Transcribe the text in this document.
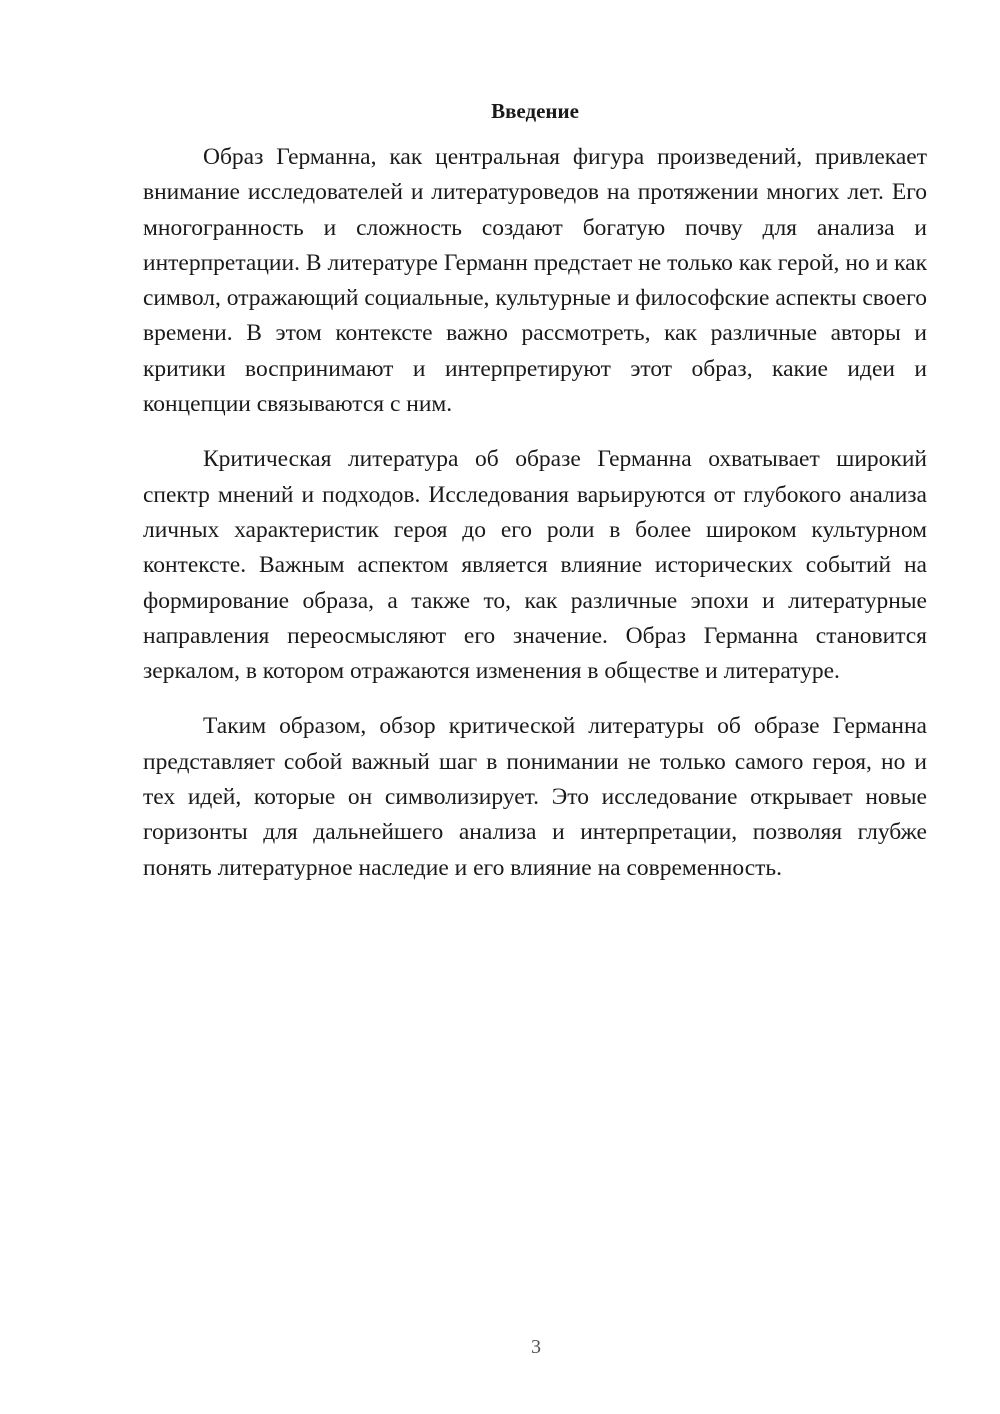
Введение

Образ Германна, как центральная фигура произведений, привлекает внимание исследователей и литературоведов на протяжении многих лет. Его многогранность и сложность создают богатую почву для анализа и интерпретации. В литературе Германн предстает не только как герой, но и как символ, отражающий социальные, культурные и философские аспекты своего времени. В этом контексте важно рассмотреть, как различные авторы и критики воспринимают и интерпретируют этот образ, какие идеи и концепции связываются с ним.

Критическая литература об образе Германна охватывает широкий спектр мнений и подходов. Исследования варьируются от глубокого анализа личных характеристик героя до его роли в более широком культурном контексте. Важным аспектом является влияние исторических событий на формирование образа, а также то, как различные эпохи и литературные направления переосмысляют его значение. Образ Германна становится зеркалом, в котором отражаются изменения в обществе и литературе.

Таким образом, обзор критической литературы об образе Германна представляет собой важный шаг в понимании не только самого героя, но и тех идей, которые он символизирует. Это исследование открывает новые горизонты для дальнейшего анализа и интерпретации, позволяя глубже понять литературное наследие и его влияние на современность.

3
